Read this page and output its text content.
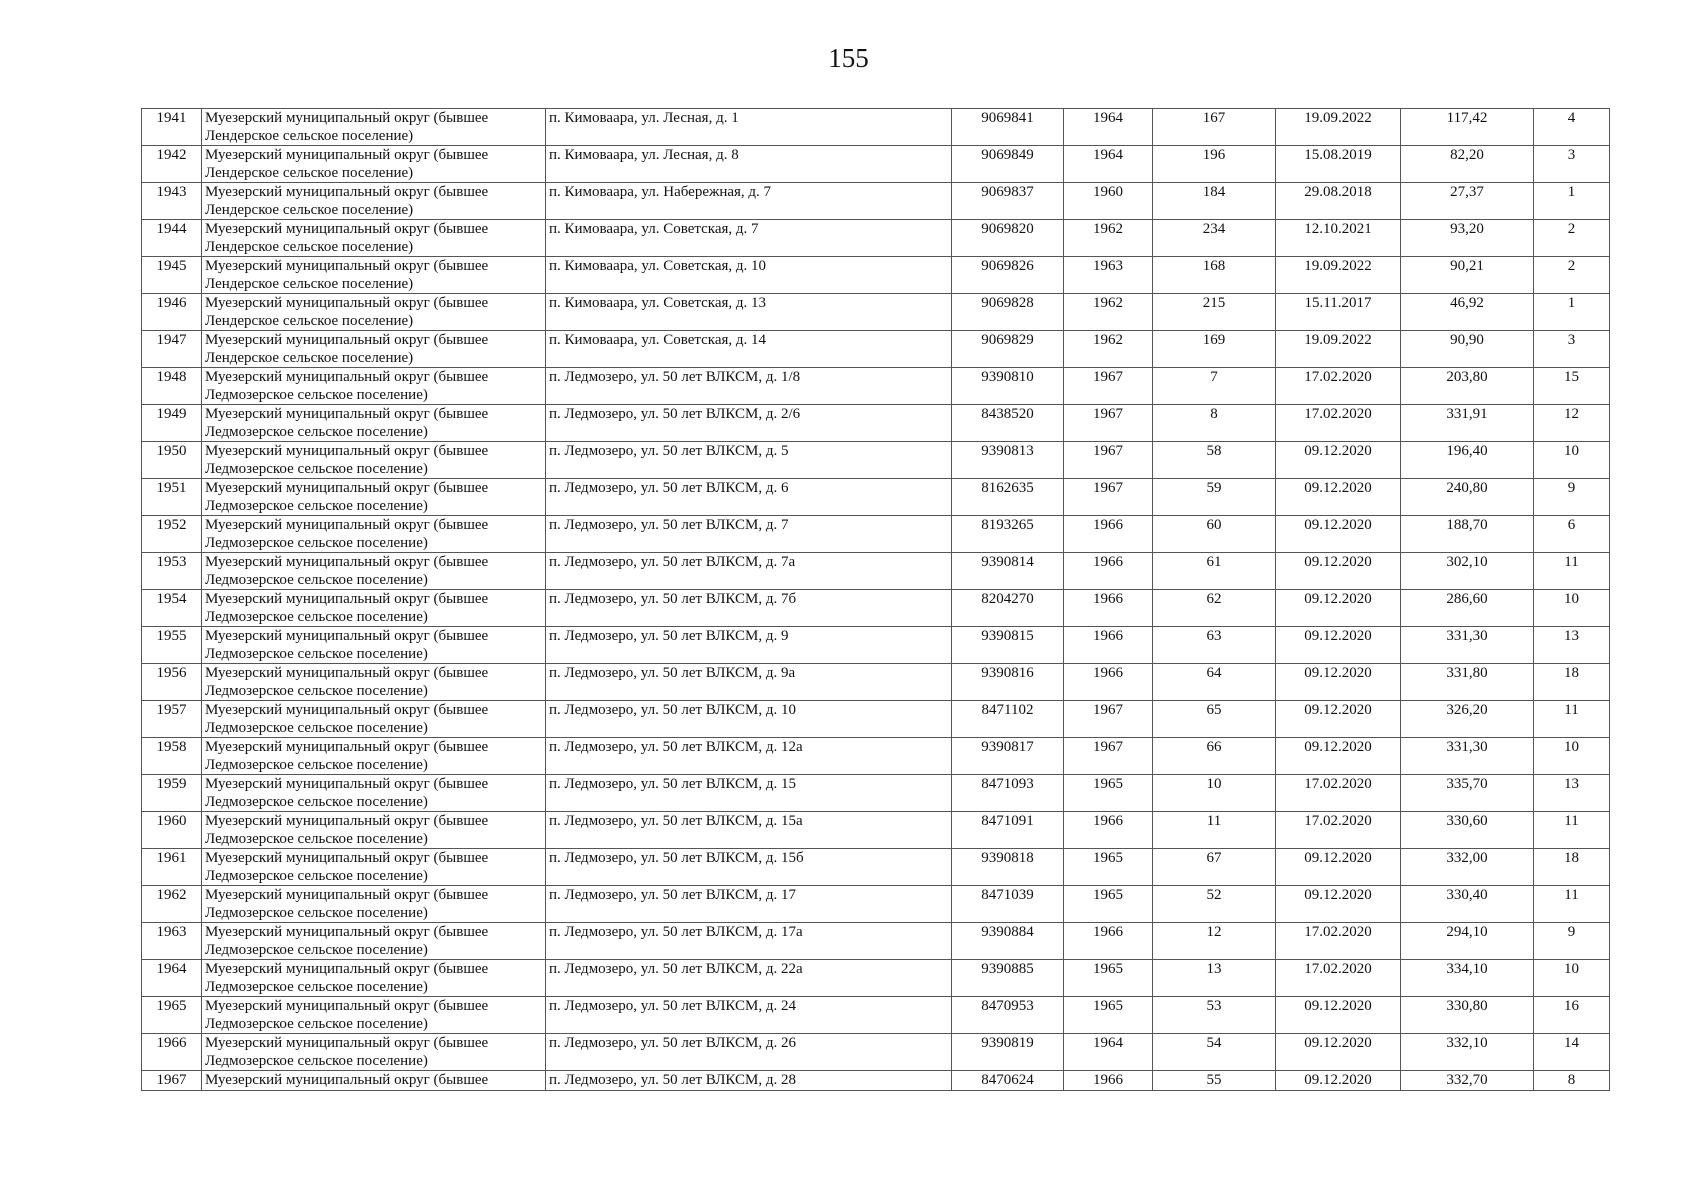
155
1941	Муезерский муниципальный округ (бывшее Лендерское сельское поселение)	п. Кимоваара, ул. Лесная, д. 1	9069841	1964	167	19.09.2022	117,42	4
1942	Муезерский муниципальный округ (бывшее Лендерское сельское поселение)	п. Кимоваара, ул. Лесная, д. 8	9069849	1964	196	15.08.2019	82,20	3
1943	Муезерский муниципальный округ (бывшее Лендерское сельское поселение)	п. Кимоваара, ул. Набережная, д. 7	9069837	1960	184	29.08.2018	27,37	1
1944	Муезерский муниципальный округ (бывшее Лендерское сельское поселение)	п. Кимоваара, ул. Советская, д. 7	9069820	1962	234	12.10.2021	93,20	2
1945	Муезерский муниципальный округ (бывшее Лендерское сельское поселение)	п. Кимоваара, ул. Советская, д. 10	9069826	1963	168	19.09.2022	90,21	2
1946	Муезерский муниципальный округ (бывшее Лендерское сельское поселение)	п. Кимоваара, ул. Советская, д. 13	9069828	1962	215	15.11.2017	46,92	1
1947	Муезерский муниципальный округ (бывшее Лендерское сельское поселение)	п. Кимоваара, ул. Советская, д. 14	9069829	1962	169	19.09.2022	90,90	3
1948	Муезерский муниципальный округ (бывшее Ледмозерское сельское поселение)	п. Ледмозеро, ул. 50 лет ВЛКСМ, д. 1/8	9390810	1967	7	17.02.2020	203,80	15
1949	Муезерский муниципальный округ (бывшее Ледмозерское сельское поселение)	п. Ледмозеро, ул. 50 лет ВЛКСМ, д. 2/6	8438520	1967	8	17.02.2020	331,91	12
1950	Муезерский муниципальный округ (бывшее Ледмозерское сельское поселение)	п. Ледмозеро, ул. 50 лет ВЛКСМ, д. 5	9390813	1967	58	09.12.2020	196,40	10
1951	Муезерский муниципальный округ (бывшее Ледмозерское сельское поселение)	п. Ледмозеро, ул. 50 лет ВЛКСМ, д. 6	8162635	1967	59	09.12.2020	240,80	9
1952	Муезерский муниципальный округ (бывшее Ледмозерское сельское поселение)	п. Ледмозеро, ул. 50 лет ВЛКСМ, д. 7	8193265	1966	60	09.12.2020	188,70	6
1953	Муезерский муниципальный округ (бывшее Ледмозерское сельское поселение)	п. Ледмозеро, ул. 50 лет ВЛКСМ, д. 7а	9390814	1966	61	09.12.2020	302,10	11
1954	Муезерский муниципальный округ (бывшее Ледмозерское сельское поселение)	п. Ледмозеро, ул. 50 лет ВЛКСМ, д. 7б	8204270	1966	62	09.12.2020	286,60	10
1955	Муезерский муниципальный округ (бывшее Ледмозерское сельское поселение)	п. Ледмозеро, ул. 50 лет ВЛКСМ, д. 9	9390815	1966	63	09.12.2020	331,30	13
1956	Муезерский муниципальный округ (бывшее Ледмозерское сельское поселение)	п. Ледмозеро, ул. 50 лет ВЛКСМ, д. 9а	9390816	1966	64	09.12.2020	331,80	18
1957	Муезерский муниципальный округ (бывшее Ледмозерское сельское поселение)	п. Ледмозеро, ул. 50 лет ВЛКСМ, д. 10	8471102	1967	65	09.12.2020	326,20	11
1958	Муезерский муниципальный округ (бывшее Ледмозерское сельское поселение)	п. Ледмозеро, ул. 50 лет ВЛКСМ, д. 12а	9390817	1967	66	09.12.2020	331,30	10
1959	Муезерский муниципальный округ (бывшее Ледмозерское сельское поселение)	п. Ледмозеро, ул. 50 лет ВЛКСМ, д. 15	8471093	1965	10	17.02.2020	335,70	13
1960	Муезерский муниципальный округ (бывшее Ледмозерское сельское поселение)	п. Ледмозеро, ул. 50 лет ВЛКСМ, д. 15а	8471091	1966	11	17.02.2020	330,60	11
1961	Муезерский муниципальный округ (бывшее Ледмозерское сельское поселение)	п. Ледмозеро, ул. 50 лет ВЛКСМ, д. 15б	9390818	1965	67	09.12.2020	332,00	18
1962	Муезерский муниципальный округ (бывшее Ледмозерское сельское поселение)	п. Ледмозеро, ул. 50 лет ВЛКСМ, д. 17	8471039	1965	52	09.12.2020	330,40	11
1963	Муезерский муниципальный округ (бывшее Ледмозерское сельское поселение)	п. Ледмозеро, ул. 50 лет ВЛКСМ, д. 17а	9390884	1966	12	17.02.2020	294,10	9
1964	Муезерский муниципальный округ (бывшее Ледмозерское сельское поселение)	п. Ледмозеро, ул. 50 лет ВЛКСМ, д. 22а	9390885	1965	13	17.02.2020	334,10	10
1965	Муезерский муниципальный округ (бывшее Ледмозерское сельское поселение)	п. Ледмозеро, ул. 50 лет ВЛКСМ, д. 24	8470953	1965	53	09.12.2020	330,80	16
1966	Муезерский муниципальный округ (бывшее Ледмозерское сельское поселение)	п. Ледмозеро, ул. 50 лет ВЛКСМ, д. 26	9390819	1964	54	09.12.2020	332,10	14
1967	Муезерский муниципальный округ (бывшее	п. Ледмозеро, ул. 50 лет ВЛКСМ, д. 28	8470624	1966	55	09.12.2020	332,70	8
